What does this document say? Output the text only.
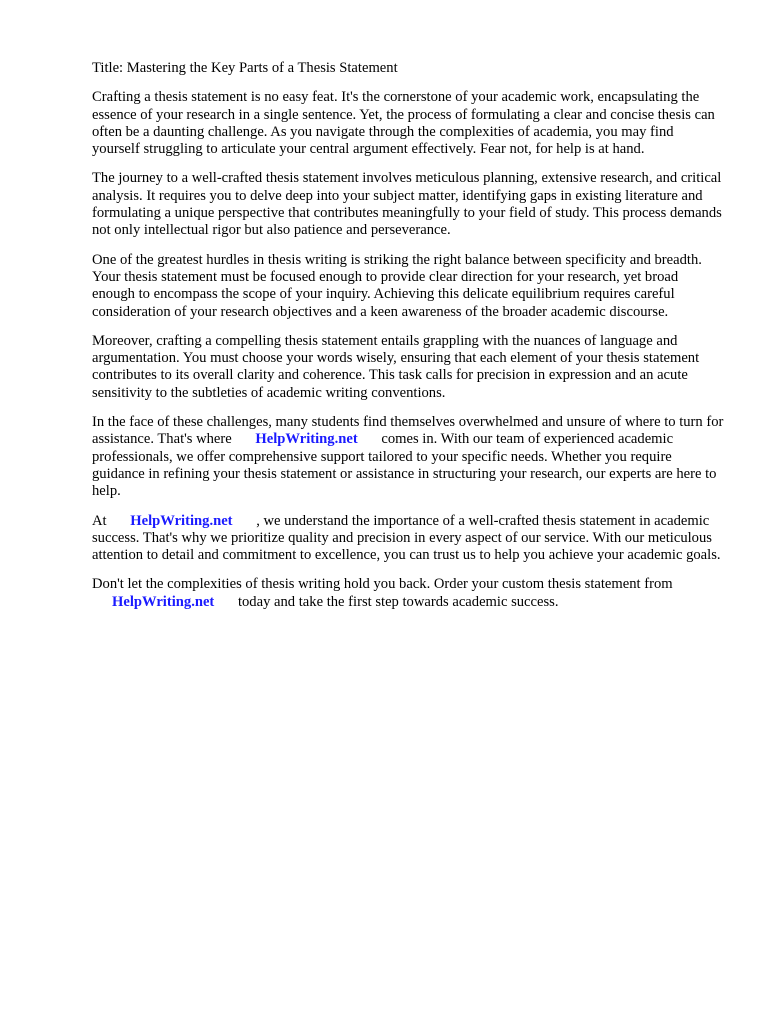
Title: Mastering the Key Parts of a Thesis Statement

Crafting a thesis statement is no easy feat. It's the cornerstone of your academic work, encapsulating the essence of your research in a single sentence. Yet, the process of formulating a clear and concise thesis can often be a daunting challenge. As you navigate through the complexities of academia, you may find yourself struggling to articulate your central argument effectively. Fear not, for help is at hand.

The journey to a well-crafted thesis statement involves meticulous planning, extensive research, and critical analysis. It requires you to delve deep into your subject matter, identifying gaps in existing literature and formulating a unique perspective that contributes meaningfully to your field of study. This process demands not only intellectual rigor but also patience and perseverance.

One of the greatest hurdles in thesis writing is striking the right balance between specificity and breadth. Your thesis statement must be focused enough to provide clear direction for your research, yet broad enough to encompass the scope of your inquiry. Achieving this delicate equilibrium requires careful consideration of your research objectives and a keen awareness of the broader academic discourse.

Moreover, crafting a compelling thesis statement entails grappling with the nuances of language and argumentation. You must choose your words wisely, ensuring that each element of your thesis statement contributes to its overall clarity and coherence. This task calls for precision in expression and an acute sensitivity to the subtleties of academic writing conventions.

In the face of these challenges, many students find themselves overwhelmed and unsure of where to turn for assistance. That's where HelpWriting.net comes in. With our team of experienced academic professionals, we offer comprehensive support tailored to your specific needs. Whether you require guidance in refining your thesis statement or assistance in structuring your research, our experts are here to help.

At HelpWriting.net , we understand the importance of a well-crafted thesis statement in academic success. That's why we prioritize quality and precision in every aspect of our service. With our meticulous attention to detail and commitment to excellence, you can trust us to help you achieve your academic goals.

Don't let the complexities of thesis writing hold you back. Order your custom thesis statement from HelpWriting.net today and take the first step towards academic success.
